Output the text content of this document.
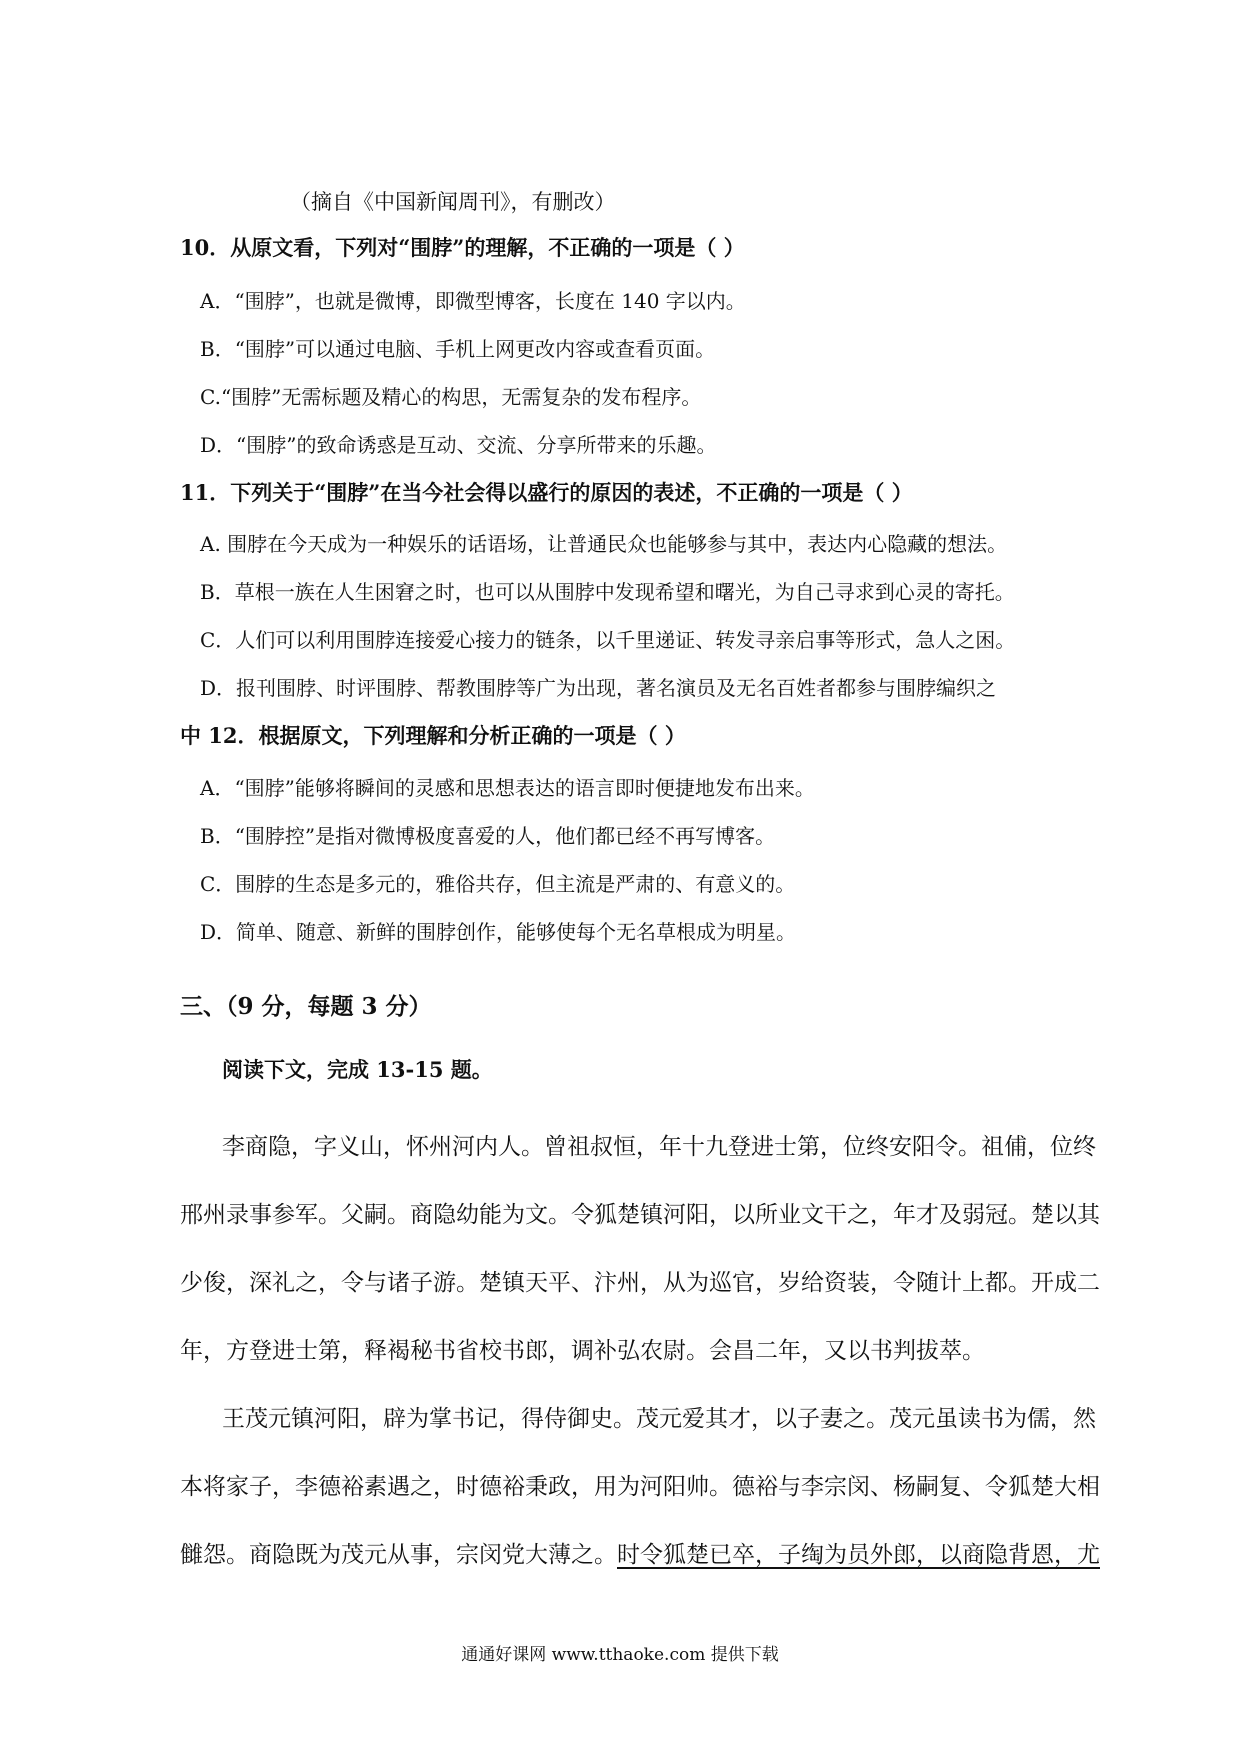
（摘自《中国新闻周刊》，有删改）
10．从原文看，下列对“围脖”的理解，不正确的一项是（ ）
A．“围脖”，也就是微博，即微型博客，长度在 140 字以内。
B．“围脖”可以通过电脑、手机上网更改内容或查看页面。
C.“围脖”无需标题及精心的构思，无需复杂的发布程序。
D．“围脖”的致命诱惑是互动、交流、分享所带来的乐趣。
11．下列关于“围脖”在当今社会得以盛行的原因的表述，不正确的一项是（ ）
A. 围脖在今天成为一种娱乐的话语场，让普通民众也能够参与其中，表达内心隐藏的想法。
B．草根一族在人生困窘之时，也可以从围脖中发现希望和曙光，为自己寻求到心灵的寄托。
C．人们可以利用围脖连接爱心接力的链条，以千里递证、转发寻亲启事等形式，急人之困。
D．报刊围脖、时评围脖、帮教围脖等广为出现，著名演员及无名百姓者都参与围脖编织之
中 12．根据原文，下列理解和分析正确的一项是（ ）
A．“围脖”能够将瞬间的灵感和思想表达的语言即时便捷地发布出来。
B．“围脖控”是指对微博极度喜爱的人，他们都已经不再写博客。
C．围脖的生态是多元的，雅俗共存，但主流是严肃的、有意义的。
D．简单、随意、新鲜的围脖创作，能够使每个无名草根成为明星。
三、（9 分，每题 3 分）
阅读下文，完成 13-15 题。
李商隐，字义山，怀州河内人。曾祖叔恒，年十九登进士第，位终安阳令。祖俌，位终
邢州录事参军。父嗣。商隐幼能为文。令狐楚镇河阳，以所业文干之，年才及弱冠。楚以其
少俊，深礼之，令与诸子游。楚镇天平、汴州，从为巡官，岁给资装，令随计上都。开成二
年，方登进士第，释褐秘书省校书郎，调补弘农尉。会昌二年，又以书判拔萃。
王茂元镇河阳，辟为掌书记，得侍御史。茂元爱其才，以子妻之。茂元虽读书为儒，然
本将家子，李德裕素遇之，时德裕秉政，用为河阳帅。德裕与李宗闵、杨嗣复、令狐楚大相
雠怨。商隐既为茂元从事，宗闵党大薄之。时令狐楚已卒，子绹为员外郎，以商隐背恩，尤
通通好课网 www.tthaoke.com 提供下载
